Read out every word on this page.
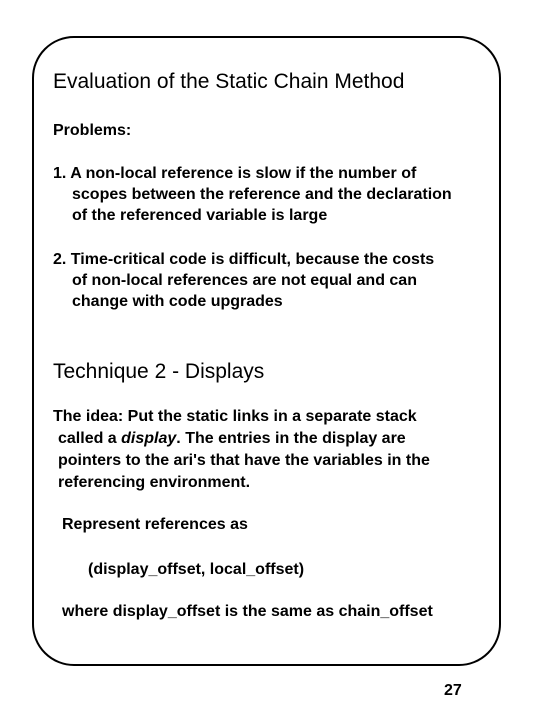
Evaluation of the Static Chain Method
Problems:
1. A non-local reference is slow if the number of
scopes between the reference and the declaration
of the referenced variable is large
2. Time-critical code is difficult, because the costs
of non-local references are not equal and can
change with code upgrades
Technique 2 - Displays
The idea: Put the static links in a separate stack
called a display. The entries in the display are
pointers to the ari's that have the variables in the
referencing environment.
Represent references as
(display_offset, local_offset)
where display_offset is the same as chain_offset
27
